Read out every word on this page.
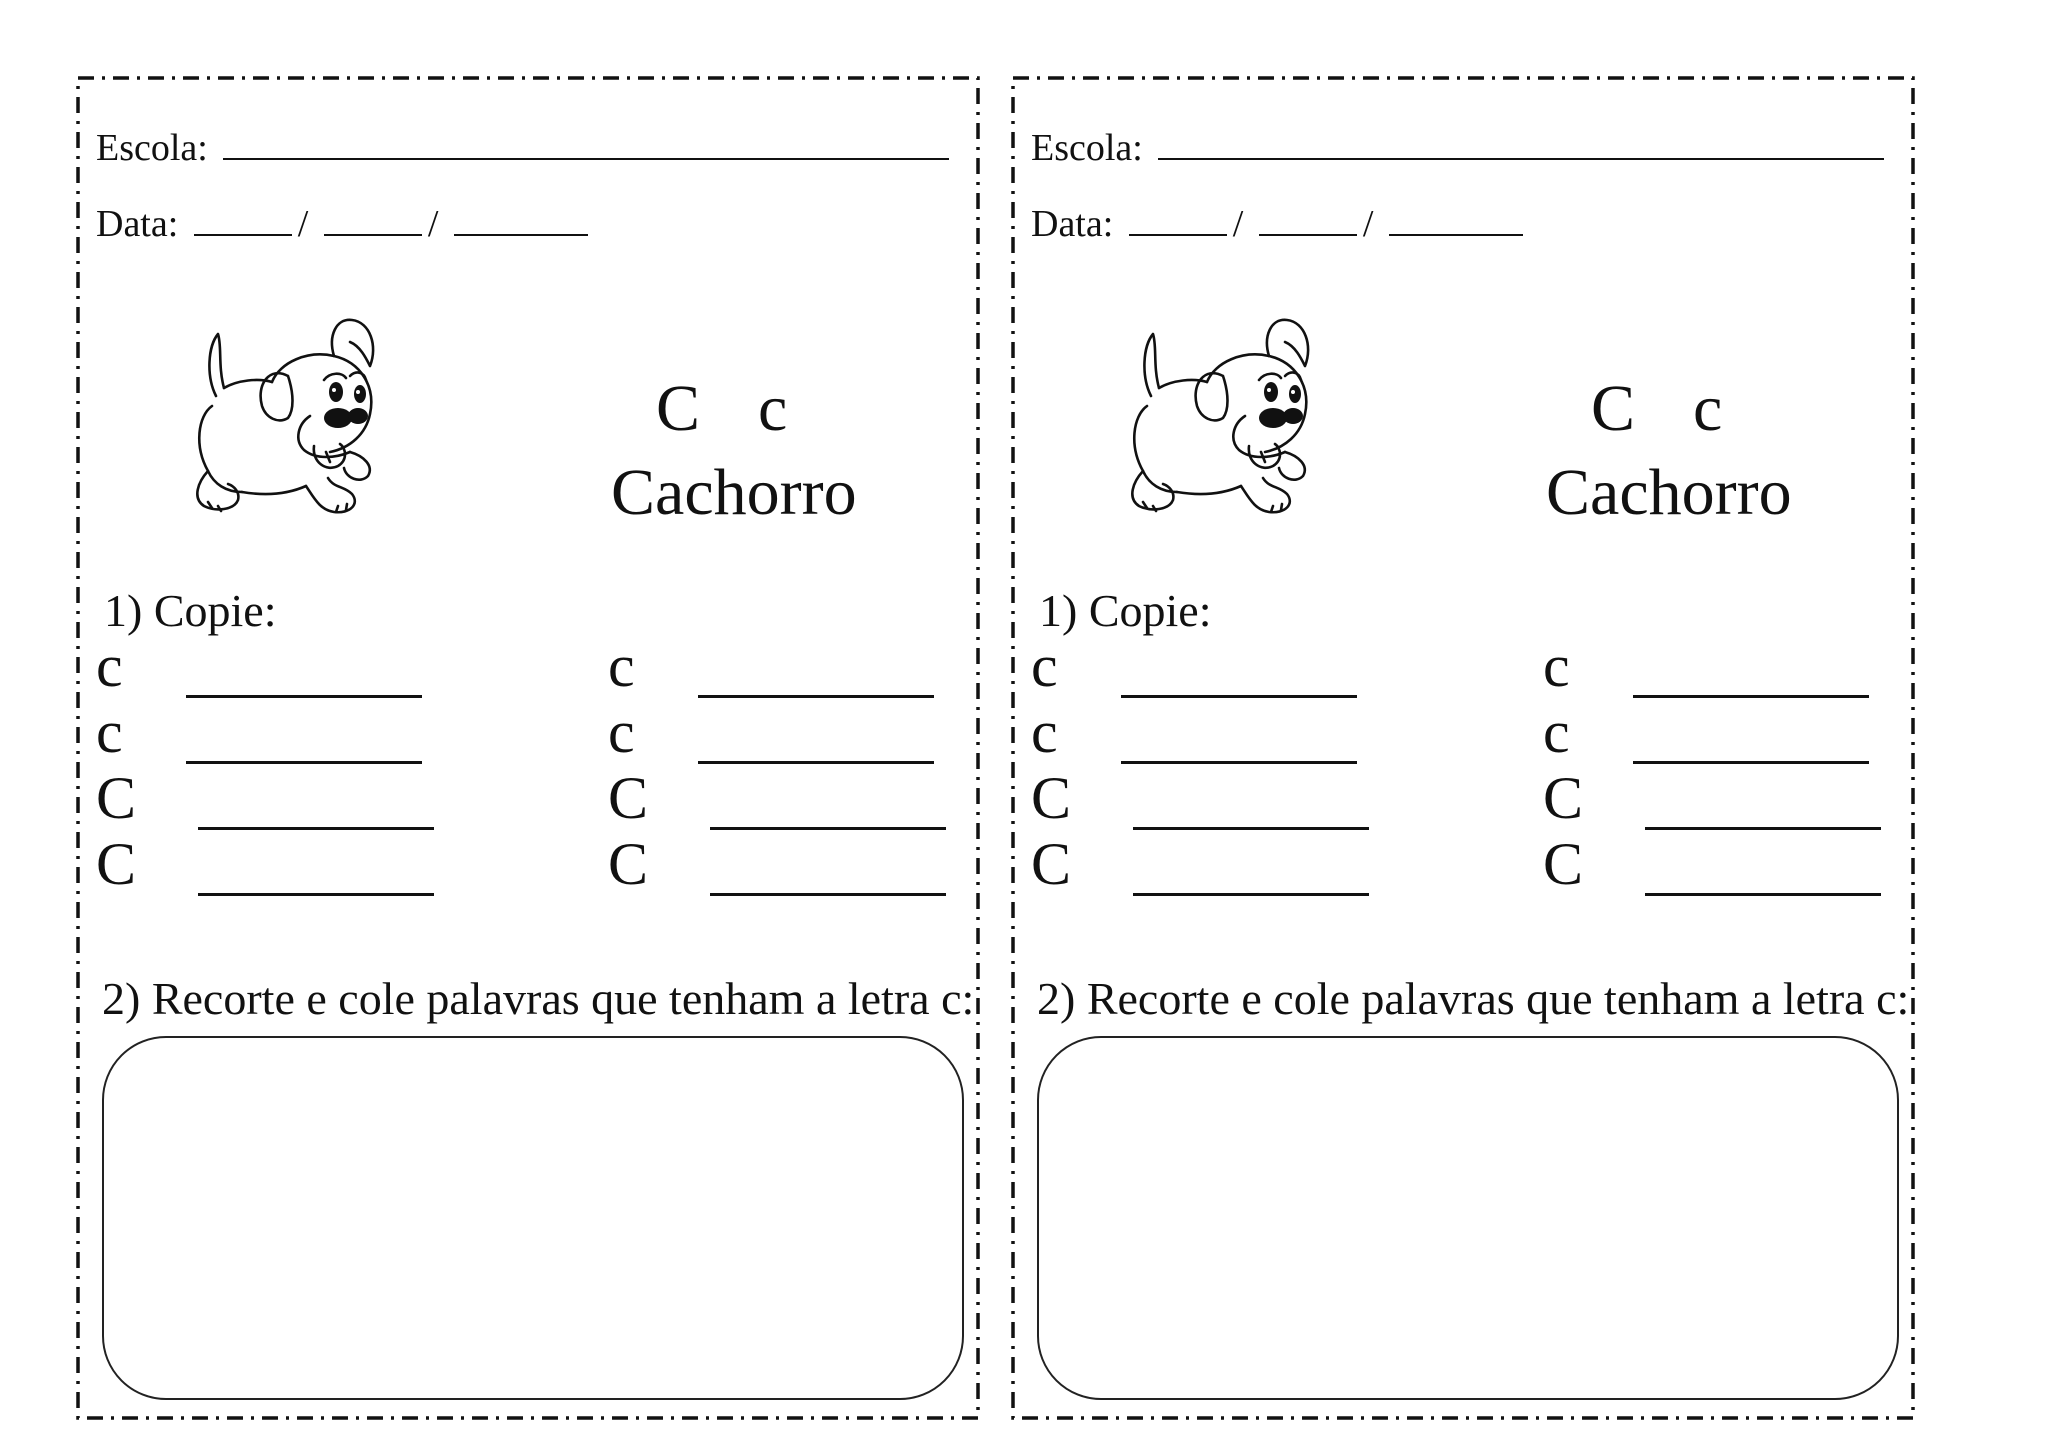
Escola:
Data:	/	/
C c
Cachorro
1) Copie:
c
c
C
C
c
c
C
C
2) Recorte e cole palavras que tenham a letra c:
Escola:
Data:	/	/
C c
Cachorro
1) Copie:
c
c
C
C
c
c
C
C
2) Recorte e cole palavras que tenham a letra c:
